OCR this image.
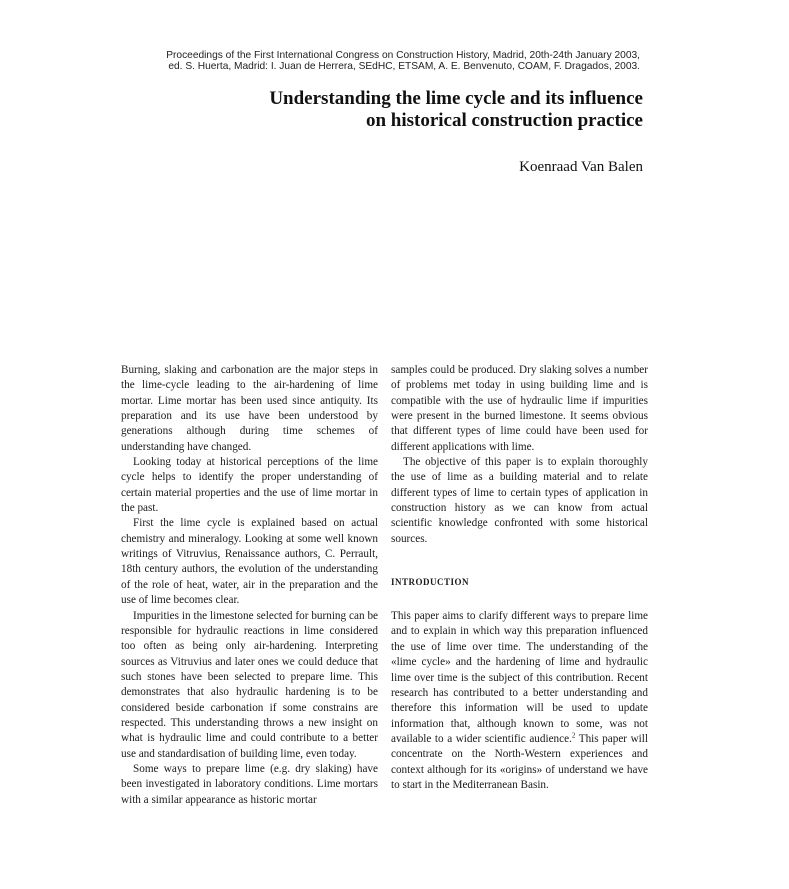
Proceedings of the First International Congress on Construction History, Madrid, 20th-24th January 2003,
ed. S. Huerta, Madrid: I. Juan de Herrera, SEdHC, ETSAM, A. E. Benvenuto, COAM, F. Dragados, 2003.
Understanding the lime cycle and its influence
on historical construction practice
Koenraad Van Balen

Burning, slaking and carbonation are the major steps in the lime-cycle leading to the air-hardening of lime mortar. Lime mortar has been used since antiquity. Its preparation and its use have been understood by generations although during time schemes of understanding have changed.

Looking today at historical perceptions of the lime cycle helps to identify the proper understanding of certain material properties and the use of lime mortar in the past.

First the lime cycle is explained based on actual chemistry and mineralogy. Looking at some well known writings of Vitruvius, Renaissance authors, C. Perrault, 18th century authors, the evolution of the understanding of the role of heat, water, air in the preparation and the use of lime becomes clear.

Impurities in the limestone selected for burning can be responsible for hydraulic reactions in lime considered too often as being only air-hardening. Interpreting sources as Vitruvius and later ones we could deduce that such stones have been selected to prepare lime. This demonstrates that also hydraulic hardening is to be considered beside carbonation if some constrains are respected. This understanding throws a new insight on what is hydraulic lime and could contribute to a better use and standardisation of building lime, even today.

Some ways to prepare lime (e.g. dry slaking) have been investigated in laboratory conditions. Lime mortars with a similar appearance as historic mortar

samples could be produced. Dry slaking solves a number of problems met today in using building lime and is compatible with the use of hydraulic lime if impurities were present in the burned limestone. It seems obvious that different types of lime could have been used for different applications with lime.

The objective of this paper is to explain thoroughly the use of lime as a building material and to relate different types of lime to certain types of application in construction history as we can know from actual scientific knowledge confronted with some historical sources.

INTRODUCTION

This paper aims to clarify different ways to prepare lime and to explain in which way this preparation influenced the use of lime over time. The understanding of the «lime cycle» and the hardening of lime and hydraulic lime over time is the subject of this contribution. Recent research has contributed to a better understanding and therefore this information will be used to update information that, although known to some, was not available to a wider scientific audience.$^2$ This paper will concentrate on the North-Western experiences and context although for its «origins» of understand we have to start in the Mediterranean Basin.
